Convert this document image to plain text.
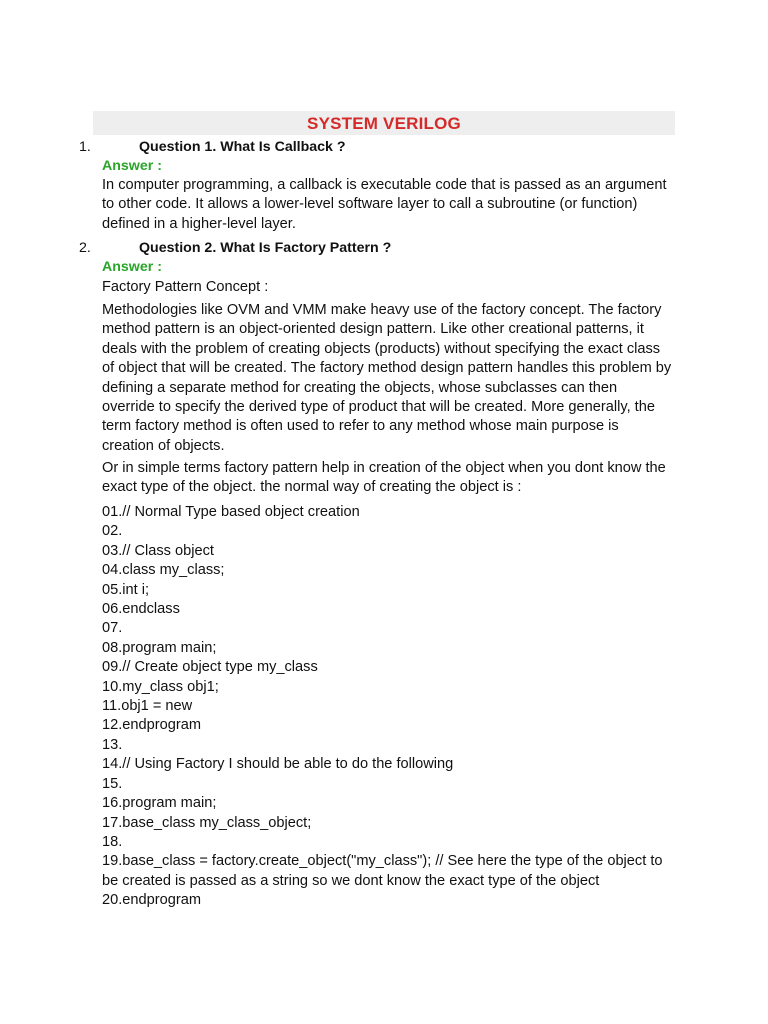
SYSTEM VERILOG
1.	Question 1. What Is Callback ?
Answer :

In computer programming, a callback is executable code that is passed as an argument to other code. It allows a lower-level software layer to call a subroutine (or function) defined in a higher-level layer.

2.	Question 2. What Is Factory Pattern ?
Answer :

Factory Pattern Concept :

Methodologies like OVM and VMM make heavy use of the factory concept. The factory method pattern is an object-oriented design pattern. Like other creational patterns, it deals with the problem of creating objects (products) without specifying the exact class of object that will be created. The factory method design pattern handles this problem by defining a separate method for creating the objects, whose subclasses can then override to specify the derived type of product that will be created. More generally, the term factory method is often used to refer to any method whose main purpose is creation of objects.

Or in simple terms factory pattern help in creation of the object when you dont know the exact type of the object. the normal way of creating the object is :

01.// Normal Type based object creation
02.
03.// Class object
04.class my_class;
05.int i;
06.endclass
07.
08.program main;
09.// Create object type my_class
10.my_class obj1;
11.obj1 = new
12.endprogram
13.
14.// Using Factory I should be able to do the following
15.
16.program main;
17.base_class my_class_object;
18.
19.base_class = factory.create_object("my_class"); // See here the type of the object to be created is passed as a string so we dont know the exact type of the object
20.endprogram
